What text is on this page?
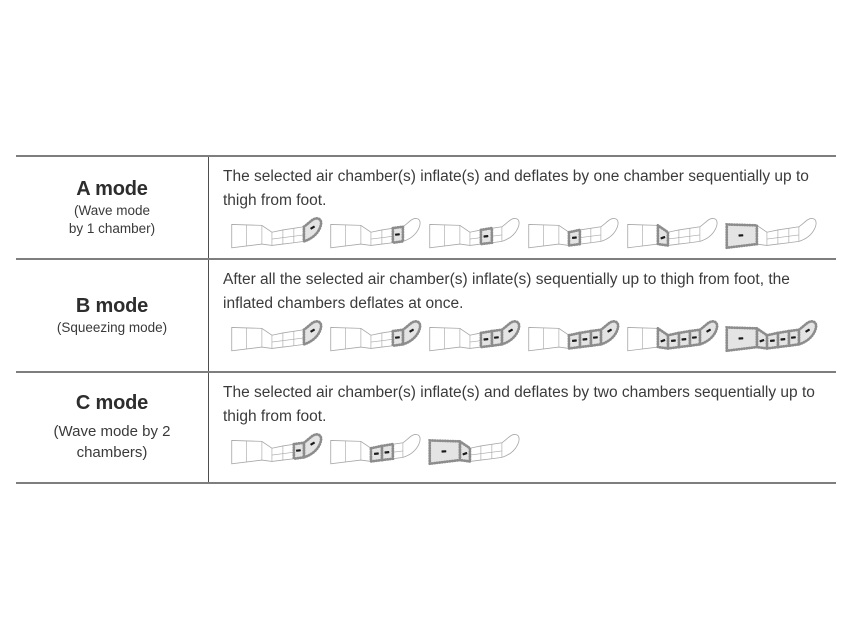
A mode
(Wave mode
by 1 chamber)

The selected air chamber(s) inflate(s) and deflates by one chamber sequentially up to thigh from foot.

B mode
(Squeezing mode)

After all the selected air chamber(s) inflate(s) sequentially up to thigh from foot, the inflated chambers deflates at once.

C mode
(Wave mode by 2
chambers)

The selected air chamber(s) inflate(s) and deflates by two chambers sequentially up to thigh from foot.
